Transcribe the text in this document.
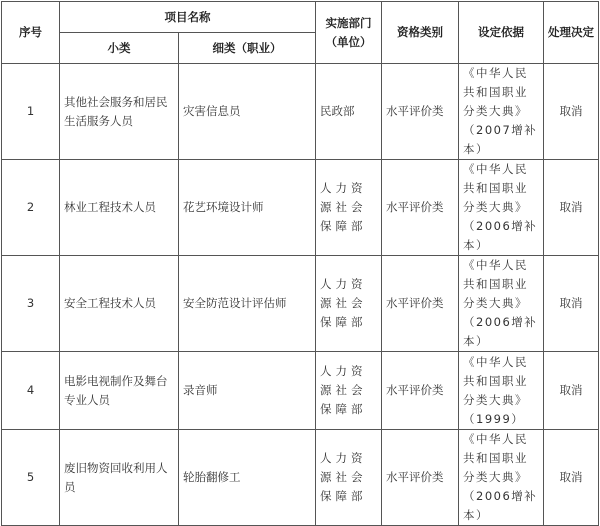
序号	项目名称		实施部门（单位）	资格类别	设定依据	处理决定
	小类	细类（职业）				
1	其他社会服务和居民生活服务人员	灾害信息员	民政部	水平评价类	《中华人民共和国职业分类大典》（2007增补本）	取消
2	林业工程技术人员	花艺环境设计师	人力资源社会保障部	水平评价类	《中华人民共和国职业分类大典》（2006增补本）	取消
3	安全工程技术人员	安全防范设计评估师	人力资源社会保障部	水平评价类	《中华人民共和国职业分类大典》（2006增补本）	取消
4	电影电视制作及舞台专业人员	录音师	人力资源社会保障部	水平评价类	《中华人民共和国职业分类大典》（1999）	取消
5	废旧物资回收利用人员	轮胎翻修工	人力资源社会保障部	水平评价类	《中华人民共和国职业分类大典》（2006增补本）	取消
